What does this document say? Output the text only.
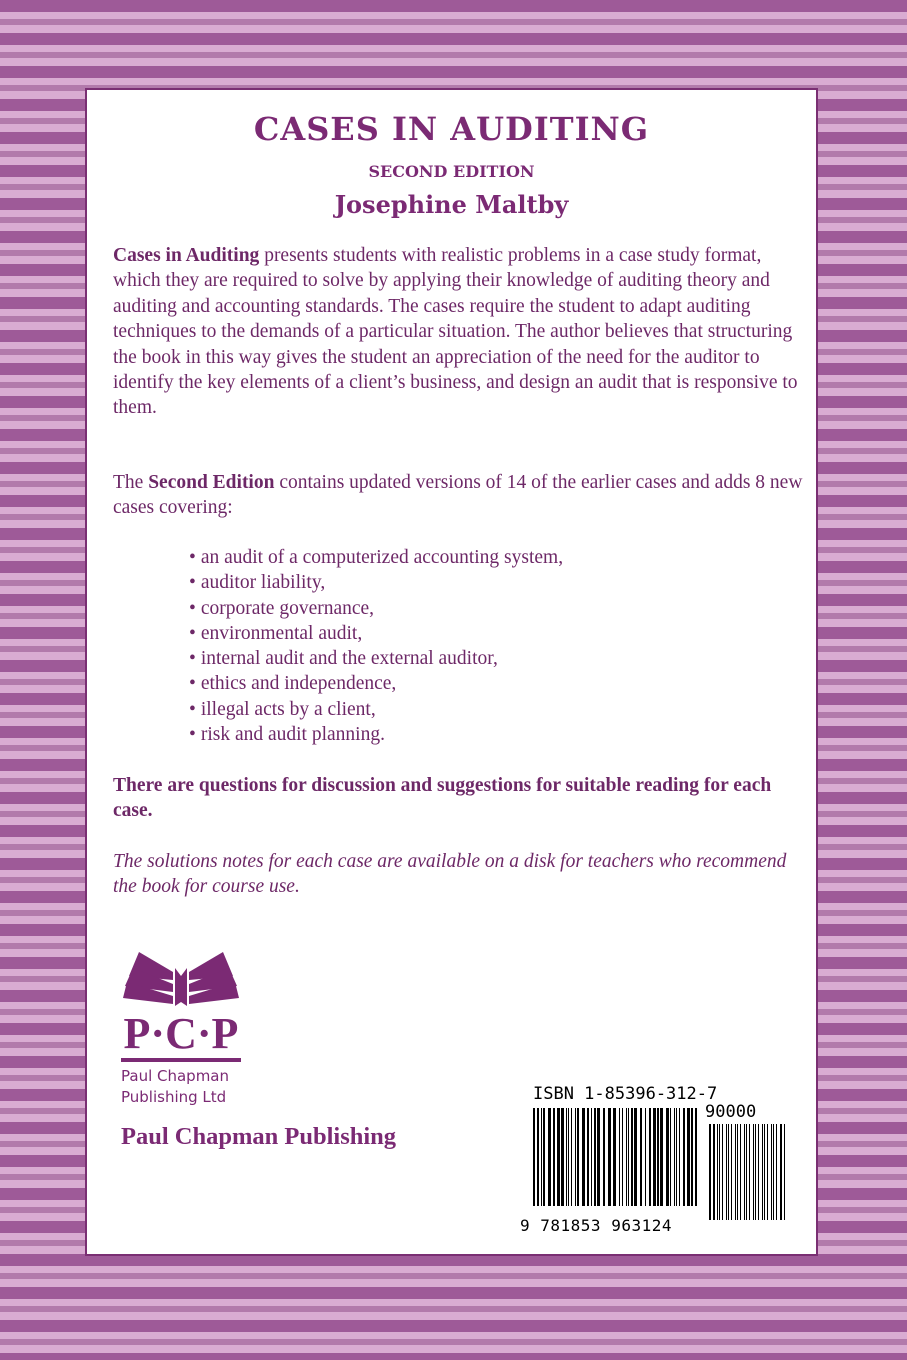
CASES IN AUDITING
SECOND EDITION
Josephine Maltby

Cases in Auditing presents students with realistic problems in a case study format, which they are required to solve by applying their knowledge of auditing theory and auditing and accounting standards. The cases require the student to adapt auditing techniques to the demands of a particular situation. The author believes that structuring the book in this way gives the student an appreciation of the need for the auditor to identify the key elements of a client’s business, and design an audit that is responsive to them.

The Second Edition contains updated versions of 14 of the earlier cases and adds 8 new cases covering:

• an audit of a computerized accounting system,
• auditor liability,
• corporate governance,
• environmental audit,
• internal audit and the external auditor,
• ethics and independence,
• illegal acts by a client,
• risk and audit planning.

There are questions for discussion and suggestions for suitable reading for each case.

The solutions notes for each case are available on a disk for teachers who recommend the book for course use.

P·C·P
Paul Chapman
Publishing Ltd
Paul Chapman Publishing
ISBN 1-85396-312-7
90000
9 781853 963124
